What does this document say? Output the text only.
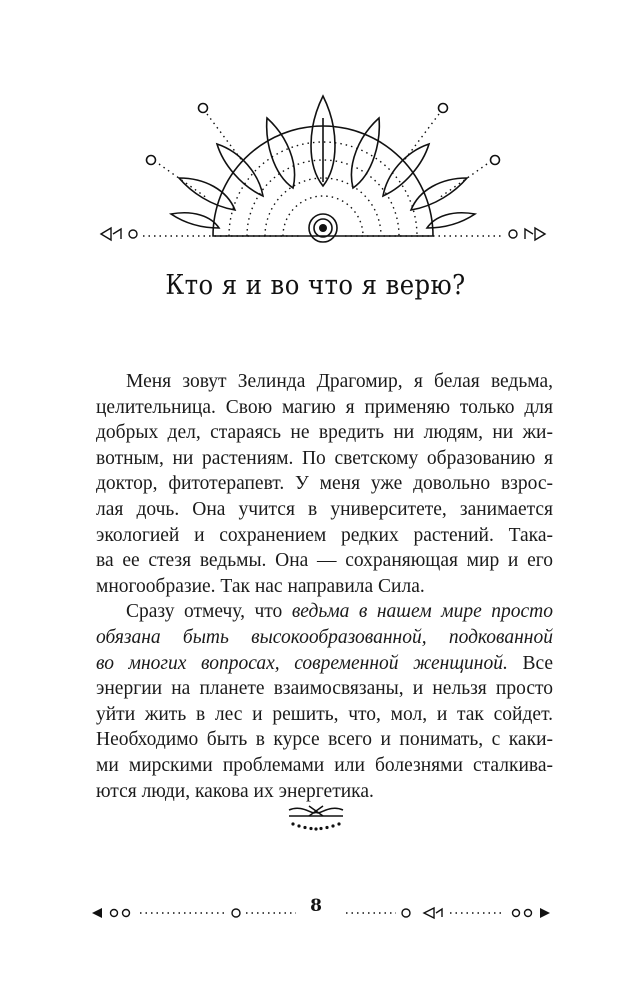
Кто я и во что я верю?
Меня зовут Зелинда Драгомир, я белая ведьма,
целительница. Свою магию я применяю только для
добрых дел, стараясь не вредить ни людям, ни жи-
вотным, ни растениям. По светскому образованию я
доктор, фитотерапевт. У меня уже довольно взрос-
лая дочь. Она учится в университете, занимается
экологией и сохранением редких растений. Така-
ва ее стезя ведьмы. Она — сохраняющая мир и его
многообразие. Так нас направила Сила.
Сразу отмечу, что ведьма в нашем мире просто
обязана быть высокообразованной, подкованной
во многих вопросах, современной женщиной. Все
энергии на планете взаимосвязаны, и нельзя просто
уйти жить в лес и решить, что, мол, и так сойдет.
Необходимо быть в курсе всего и понимать, с каки-
ми мирскими проблемами или болезнями сталкива-
ются люди, какова их энергетика.
8
